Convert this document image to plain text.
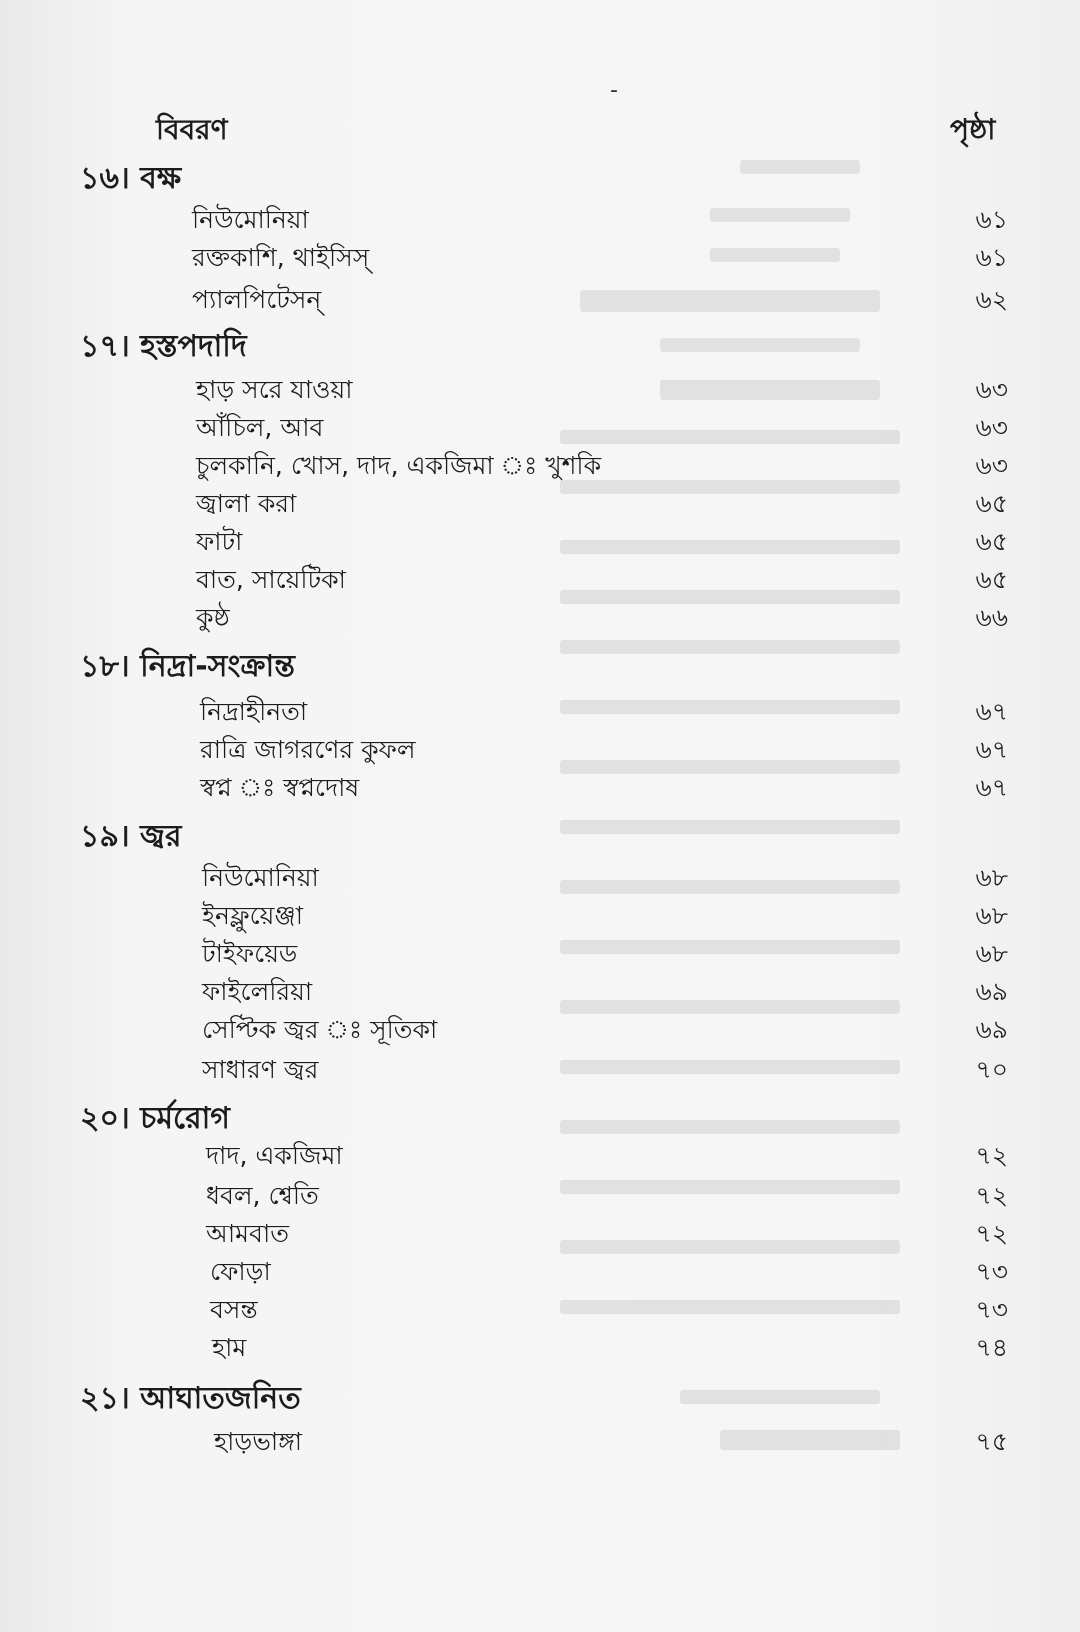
-
বিবরণ	পৃষ্ঠা
১৬। বক্ষ
নিউমোনিয়া	৬১
রক্তকাশি, থাইসিস্	৬১
প্যালপিটেসন্	৬২
১৭। হস্তপদাদি
হাড় সরে যাওয়া	৬৩
আঁচিল, আব	৬৩
চুলকানি, খোস, দাদ, একজিমা ঃ খুশকি	৬৩
জ্বালা করা	৬৫
ফাটা	৬৫
বাত, সায়েটিকা	৬৫
কুষ্ঠ	৬৬
১৮। নিদ্রা-সংক্রান্ত
নিদ্রাহীনতা	৬৭
রাত্রি জাগরণের কুফল	৬৭
স্বপ্ন ঃ স্বপ্নদোষ	৬৭
১৯। জ্বর
নিউমোনিয়া	৬৮
ইনফ্লুয়েঞ্জা	৬৮
টাইফয়েড	৬৮
ফাইলেরিয়া	৬৯
সেপ্টিক জ্বর ঃ সূতিকা	৬৯
সাধারণ জ্বর	৭০
২০। চর্মরোগ
দাদ, একজিমা	৭২
ধবল, শ্বেতি	৭২
আমবাত	৭২
ফোড়া	৭৩
বসন্ত	৭৩
হাম	৭৪
২১। আঘাতজনিত
হাড়ভাঙ্গা	৭৫
